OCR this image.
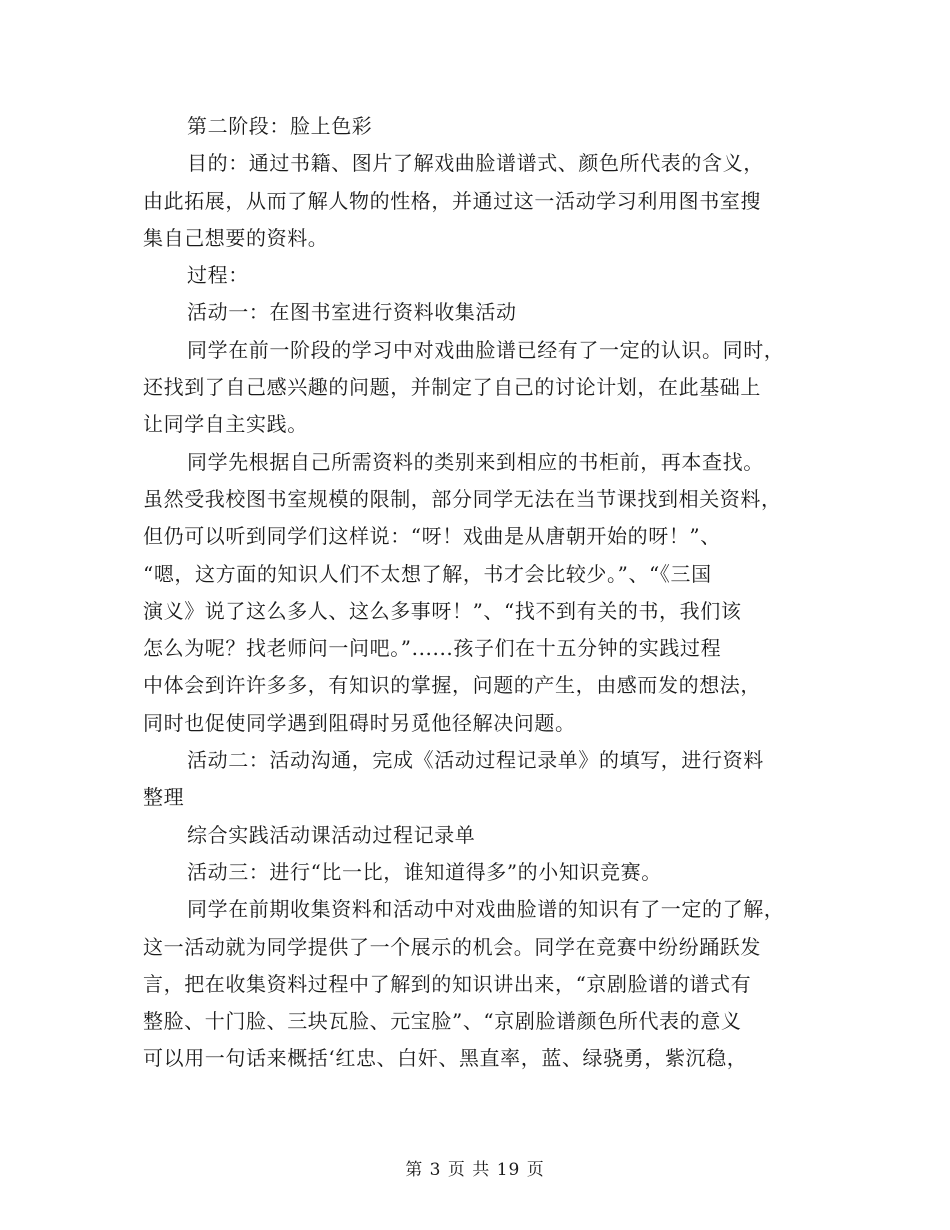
第二阶段：脸上色彩
目的：通过书籍、图片了解戏曲脸谱谱式、颜色所代表的含义，
由此拓展，从而了解人物的性格，并通过这一活动学习利用图书室搜
集自己想要的资料。
过程：
活动一：在图书室进行资料收集活动
同学在前一阶段的学习中对戏曲脸谱已经有了一定的认识。同时，
还找到了自己感兴趣的问题，并制定了自己的讨论计划，在此基础上
让同学自主实践。
同学先根据自己所需资料的类别来到相应的书柜前，再本查找。
虽然受我校图书室规模的限制，部分同学无法在当节课找到相关资料，
但仍可以听到同学们这样说：“呀！戏曲是从唐朝开始的呀！”、
“嗯，这方面的知识人们不太想了解，书才会比较少。”、“《三国
演义》说了这么多人、这么多事呀！”、“找不到有关的书，我们该
怎么为呢？找老师问一问吧。”......孩子们在十五分钟的实践过程
中体会到许许多多，有知识的掌握，问题的产生，由感而发的想法，
同时也促使同学遇到阻碍时另觅他径解决问题。
活动二：活动沟通，完成《活动过程记录单》的填写，进行资料
整理
综合实践活动课活动过程记录单
活动三：进行“比一比，谁知道得多”的小知识竞赛。
同学在前期收集资料和活动中对戏曲脸谱的知识有了一定的了解，
这一活动就为同学提供了一个展示的机会。同学在竞赛中纷纷踊跃发
言，把在收集资料过程中了解到的知识讲出来，“京剧脸谱的谱式有
整脸、十门脸、三块瓦脸、元宝脸”、“京剧脸谱颜色所代表的意义
可以用一句话来概括‘红忠、白奸、黑直率，蓝、绿骁勇，紫沉稳，
第 3 页 共 19 页
